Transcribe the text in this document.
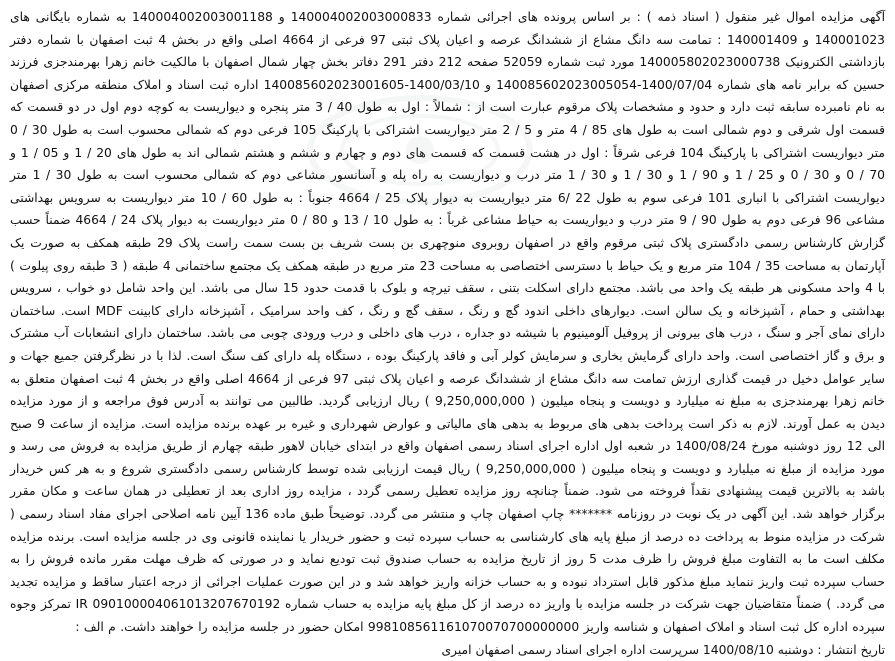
آگهی مزایده اموال غیر منقول ( اسناد ذمه ) : بر اساس پرونده های اجرائی شماره 140004002003000833 و 140004002003001188 به شماره بایگانی های 140001023 و 140001409 : تمامت سه دانگ مشاع از ششدانگ عرصه و اعیان پلاک ثبتی 97 فرعی از 4664 اصلی واقع در بخش 4 ثبت اصفهان با شماره دفتر بازداشتی الکترونیک 140005802023000738 مورد ثبت شماره 52059 صفحه 212 دفتر 291 دفاتر بخش چهار شمال اصفهان با مالکیت خانم زهرا بهرمندجزی فرزند حسین که برابر نامه های شماره 1400/07/04-140085602023005054 و 1400/03/10-140085602023001605 اداره ثبت اسناد و املاک منطقه مرکزی اصفهان به نام نامبرده سابقه ثبت دارد و حدود و مشخصات پلاک مرقوم عبارت است از : شمالاً : اول به طول 40 / 3 متر پنجره و دیواریست به کوچه دوم اول در دو قسمت که قسمت اول شرقی و دوم شمالی است به طول های 85 / 4 متر و 5 / 2 متر دیواریست اشتراکی با پارکینگ 105 فرعی دوم که شمالی محسوب است به طول 30 / 0 متر دیواریست اشتراکی با پارکینگ 104 فرعی شرقاً : اول در هشت قسمت که قسمت های دوم و چهارم و ششم و هشتم شمالی اند به طول های 20 / 1 و 05 / 1 و 70 / 0 و 30 / 0 و 25 / 1 و 90 / 1 و 30 / 1 و 30 / 1 متر درب و دیواریست به راه پله و آسانسور مشاعی دوم که شمالی محسوب است به طول 30 / 1 متر دیواریست اشتراکی با انباری 101 فرعی سوم به طول 22 /6 متر دیواریست به دیوار پلاک 25 / 4664 جنوباً : به طول 60 / 10 متر دیواریست به سرویس بهداشتی مشاعی 96 فرعی دوم به طول 90 / 9 متر درب و دیواریست به حیاط مشاعی غرباً : به طول 10 / 13 و 80 / 0 متر دیواریست به دیوار پلاک 24 / 4664 ضمناً حسب گزارش کارشناس رسمی دادگستری پلاک ثبتی مرقوم واقع در اصفهان روبروی منوچهری بن بست شریف بن بست سمت راست پلاک 29 طبقه همکف به صورت یک آپارتمان به مساحت 35 / 104 متر مربع و یک حیاط با دسترسی اختصاصی به مساحت 23 متر مربع در طبقه همکف یک مجتمع ساختمانی 4 طبقه ( 3 طبقه روی پیلوت ) با 4 واحد مسکونی هر طبقه یک واحد می باشد. مجتمع دارای اسکلت بتنی ، سقف تیرچه و بلوک با قدمت حدود 15 سال می باشد. این واحد شامل دو خواب ، سرویس بهداشتی و حمام ، آشپزخانه و یک سالن است. دیوارهای داخلی اندود گچ و رنگ ، سقف گچ و رنگ ، کف واحد سرامیک ، آشپزخانه دارای کابینت MDF است. ساختمان دارای نمای آجر و سنگ ، درب های بیرونی از پروفیل آلومینیوم با شیشه دو جداره ، درب های داخلی و درب ورودی چوبی می باشد. ساختمان دارای انشعابات آب مشترک و برق و گاز اختصاصی است. واحد دارای گرمایش بخاری و سرمایش کولر آبی و فاقد پارکینگ بوده ، دستگاه پله دارای کف سنگ است. لذا با در نظرگرفتن جمیع جهات و سایر عوامل دخیل در قیمت گذاری ارزش تمامت سه دانگ مشاع از ششدانگ عرصه و اعیان پلاک ثبتی 97 فرعی از 4664 اصلی واقع در بخش 4 ثبت اصفهان متعلق به خانم زهرا بهرمندجزی به مبلغ نه میلیارد و دویست و پنجاه میلیون ( 9,250,000,000 ) ریال ارزیابی گردید. طالبین می توانند به آدرس فوق مراجعه و از مورد مزایده دیدن به عمل آورند. لازم به ذکر است پرداخت بدهی های مربوط به بدهی های مالیاتی و عوارض شهرداری و غیره بر عهده برنده مزایده است. مزایده از ساعت 9 صبح الی 12 روز دوشنبه مورخ 1400/08/24 در شعبه اول اداره اجرای اسناد رسمی اصفهان واقع در ابتدای خیابان لاهور طبقه چهارم از طریق مزایده به فروش می رسد و مورد مزایده از مبلغ نه میلیارد و دویست و پنجاه میلیون ( 9,250,000,000 ) ریال قیمت ارزیابی شده توسط کارشناس رسمی دادگستری شروع و به هر کس خریدار باشد به بالاترین قیمت پیشنهادی نقداً فروخته می شود. ضمناً چنانچه روز مزایده تعطیل رسمی گردد ، مزایده روز اداری بعد از تعطیلی در همان ساعت و مکان مقرر برگزار خواهد شد. این آگهی در یک نوبت در روزنامه ******* چاپ اصفهان چاپ و منتشر می گردد. توضیحاً طبق ماده 136 آیین نامه اصلاحی اجرای مفاد اسناد رسمی ( شرکت در مزایده منوط به پرداخت ده درصد از مبلغ پایه های کارشناسی به حساب سپرده ثبت و حضور خریدار یا نماینده قانونی وی در جلسه مزایده است. برنده مزایده مکلف است ما به التفاوت مبلغ فروش را ظرف مدت 5 روز از تاریخ مزایده به حساب صندوق ثبت تودیع نماید و در صورتی که ظرف مهلت مقرر مانده فروش را به حساب سپرده ثبت واریز ننماید مبلغ مذکور قابل استرداد نبوده و به حساب خزانه واریز خواهد شد و در این صورت عملیات اجرائی از درجه اعتبار ساقط و مزایده تجدید می گردد. ) ضمناً متقاضیان جهت شرکت در جلسه مزایده با واریز ده درصد از کل مبلغ پایه مزایده به حساب شماره IR 090100004061013207670192 تمرکز وجوه سپرده اداره کل ثبت اسناد و املاک اصفهان و شناسه واریز 998108561161070070700000000 امکان حضور در جلسه مزایده را خواهند داشت. م الف :

تاریخ انتشار : دوشنبه 1400/08/10 سرپرست اداره اجرای اسناد رسمی اصفهان امیری
